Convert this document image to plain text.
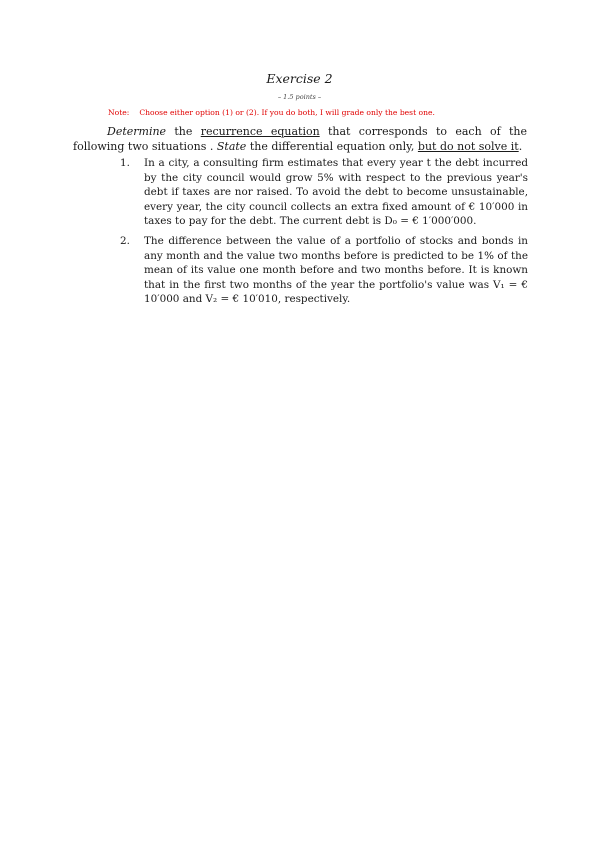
Exercise 2
– 1.5 points –
Note: Choose either option (1) or (2). If you do both, I will grade only the best one.
Determine the recurrence equation that corresponds to each of the following two situations . State the differential equation only, but do not solve it.
1. In a city, a consulting firm estimates that every year t the debt incurred by the city council would grow 5% with respect to the previous year's debt if taxes are nor raised. To avoid the debt to become unsustainable, every year, the city council collects an extra fixed amount of € 10′000 in taxes to pay for the debt. The current debt is D₀ = € 1′000′000.
2. The difference between the value of a portfolio of stocks and bonds in any month and the value two months before is predicted to be 1% of the mean of its value one month before and two months before. It is known that in the first two months of the year the portfolio's value was V₁ = € 10′000 and V₂ = € 10′010, respectively.
